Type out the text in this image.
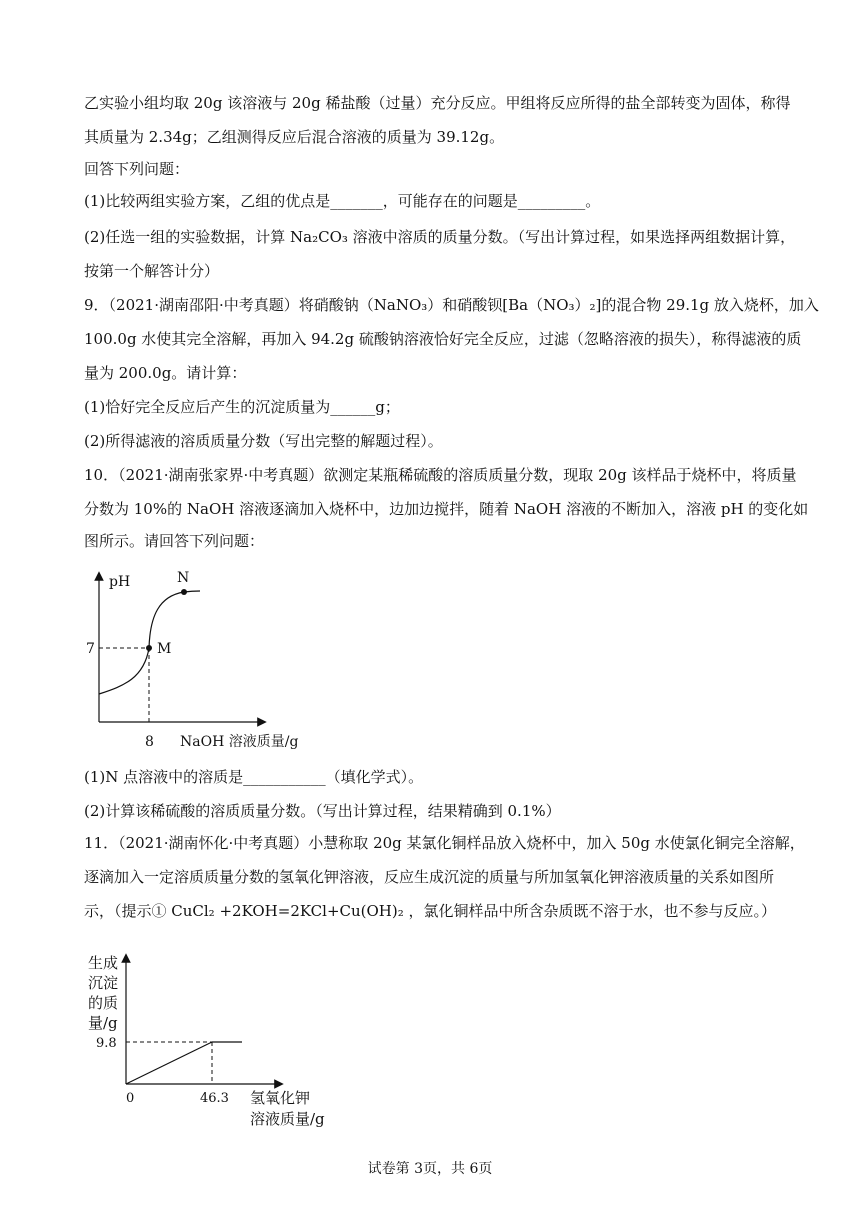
乙实验小组均取 20g 该溶液与 20g 稀盐酸（过量）充分反应。甲组将反应所得的盐全部转变为固体，称得
其质量为 2.34g；乙组测得反应后混合溶液的质量为 39.12g。
回答下列问题：
(1)比较两组实验方案，乙组的优点是_______，可能存在的问题是_________。
(2)任选一组的实验数据，计算 Na₂CO₃ 溶液中溶质的质量分数。（写出计算过程，如果选择两组数据计算，
按第一个解答计分）
9．（2021·湖南邵阳·中考真题）将硝酸钠（NaNO₃）和硝酸钡[Ba（NO₃）₂]的混合物 29.1g 放入烧杯，加入
100.0g 水使其完全溶解，再加入 94.2g 硫酸钠溶液恰好完全反应，过滤（忽略溶液的损失），称得滤液的质
量为 200.0g。请计算：
(1)恰好完全反应后产生的沉淀质量为______g；
(2)所得滤液的溶质质量分数（写出完整的解题过程）。
10．（2021·湖南张家界·中考真题）欲测定某瓶稀硫酸的溶质质量分数，现取 20g 该样品于烧杯中，将质量
分数为 10%的 NaOH 溶液逐滴加入烧杯中，边加边搅拌，随着 NaOH 溶液的不断加入，溶液 pH 的变化如
图所示。请回答下列问题：
pH	N
M
7
8 NaOH 溶液质量/g
(1)N 点溶液中的溶质是___________（填化学式）。
(2)计算该稀硫酸的溶质质量分数。（写出计算过程，结果精确到 0.1%）
11．（2021·湖南怀化·中考真题）小慧称取 20g 某氯化铜样品放入烧杯中，加入 50g 水使氯化铜完全溶解，
逐滴加入一定溶质质量分数的氢氧化钾溶液，反应生成沉淀的质量与所加氢氧化钾溶液质量的关系如图所
示，（提示① CuCl₂ +2KOH=2KCl+Cu(OH)₂ ，氯化铜样品中所含杂质既不溶于水，也不参与反应。）
生成
沉淀
的质
量/g
9.8
0	46.3 氢氧化钾
溶液质量/g
试卷第 3页，共 6页
